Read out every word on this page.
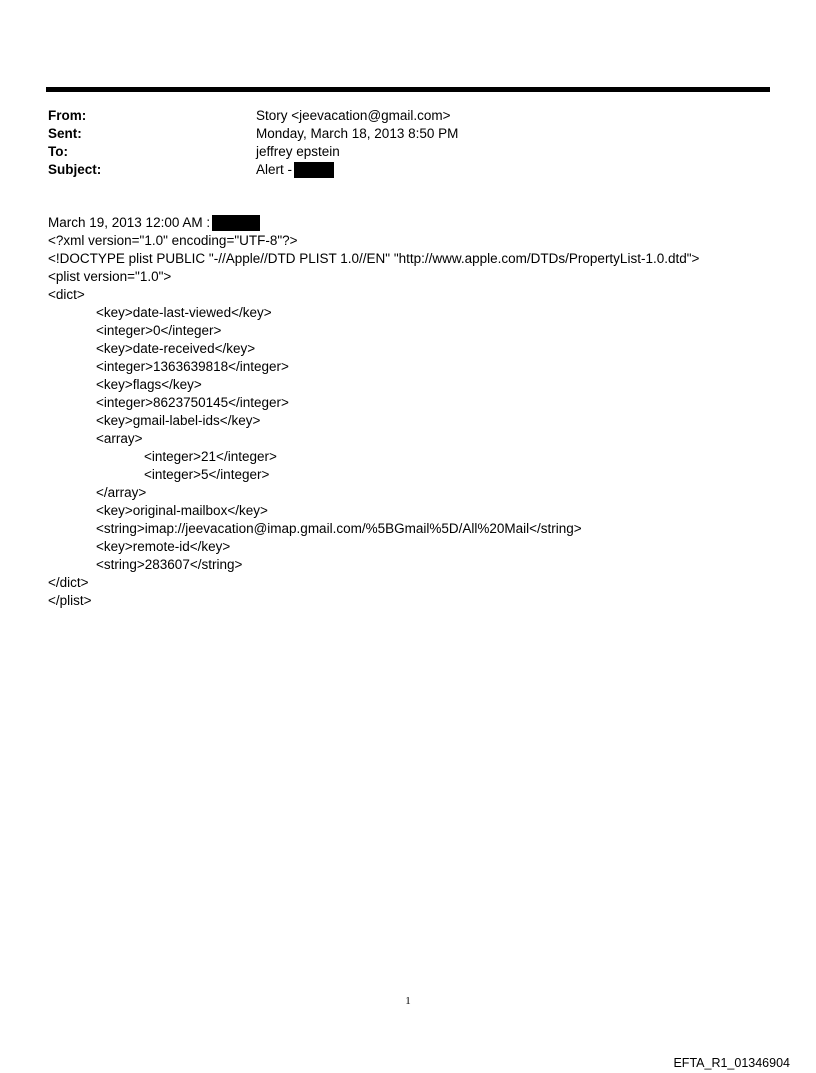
From:	Story <jeevacation@gmail.com>
Sent:	Monday, March 18, 2013 8:50 PM
To:	jeffrey epstein
Subject:	Alert -
March 19, 2013 12:00 AM :
<?xml version="1.0" encoding="UTF-8"?>
<!DOCTYPE plist PUBLIC "-//Apple//DTD PLIST 1.0//EN" "http://www.apple.com/DTDs/PropertyList-1.0.dtd">
<plist version="1.0">
<dict>
<key>date-last-viewed</key>
<integer>0</integer>
<key>date-received</key>
<integer>1363639818</integer>
<key>flags</key>
<integer>8623750145</integer>
<key>gmail-label-ids</key>
<array>
<integer>21</integer>
<integer>5</integer>
</array>
<key>original-mailbox</key>
<string>imap://jeevacation@imap.gmail.com/%5BGmail%5D/All%20Mail</string>
<key>remote-id</key>
<string>283607</string>
</dict>
</plist>
1
EFTA_R1_01346904
